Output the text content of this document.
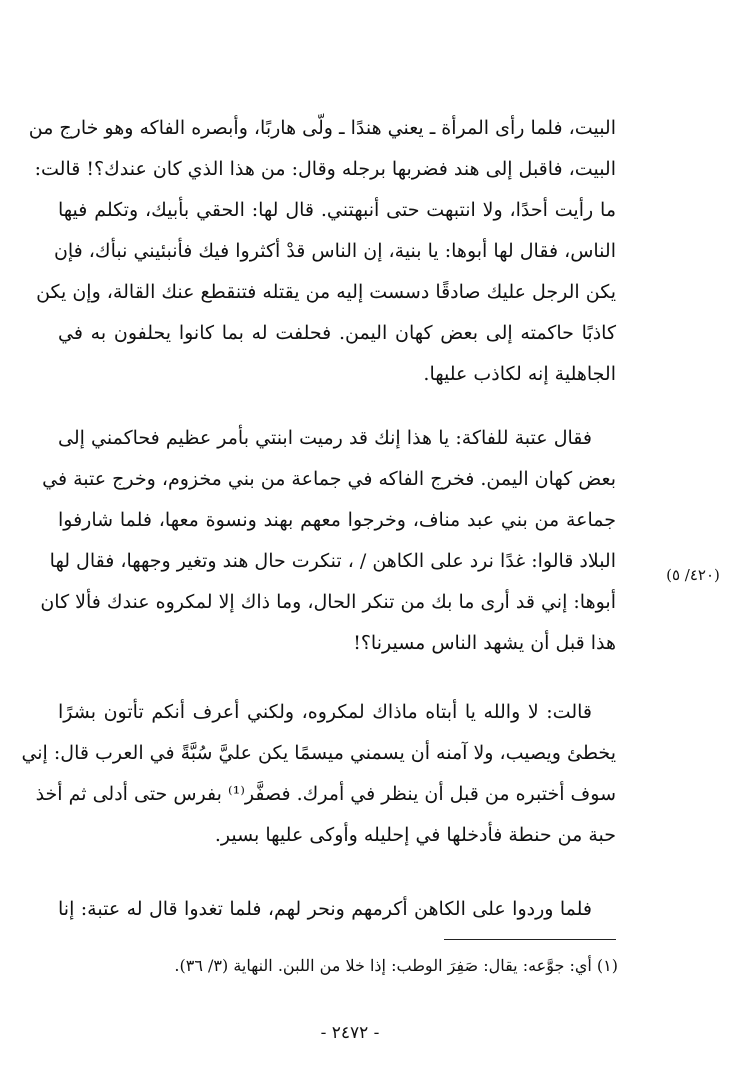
البيت، فلما رأى المرأة ـ يعني هندًا ـ ولّى هاربًا، وأبصره الفاكه وهو خارج من
البيت، فاقبل إلى هند فضربها برجله وقال: من هذا الذي كان عندك؟! قالت:
ما رأيت أحدًا، ولا انتبهت حتى أنبهتني. قال لها: الحقي بأبيك، وتكلم فيها
الناس، فقال لها أبوها: يا بنية، إن الناس قدْ أكثروا فيك فأنبئيني نبأك، فإن
يكن الرجل عليك صادقًا دسست إليه من يقتله فتنقطع عنك القالة، وإن يكن
كاذبًا حاكمته إلى بعض كهان اليمن. فحلفت له بما كانوا يحلفون به في
الجاهلية إنه لكاذب عليها.
فقال عتبة للفاكة: يا هذا إنك قد رميت ابنتي بأمر عظيم فحاكمني إلى
بعض كهان اليمن. فخرج الفاكه في جماعة من بني مخزوم، وخرج عتبة في
جماعة من بني عبد مناف، وخرجوا معهم بهند ونسوة معها، فلما شارفوا
البلاد قالوا: غدًا نرد على الكاهن / ، تنكرت حال هند وتغير وجهها، فقال لها
أبوها: إني قد أرى ما بك من تنكر الحال، وما ذاك إلا لمكروه عندك فألا كان
هذا قبل أن يشهد الناس مسيرنا؟!
قالت: لا والله يا أبتاه ماذاك لمكروه، ولكني أعرف أنكم تأتون بشرًا
يخطئ ويصيب، ولا آمنه أن يسمني ميسمًا يكن عليَّ سُبَّةً في العرب قال: إني
سوف أختبره من قبل أن ينظر في أمرك. فصفَّر⁽¹⁾ بفرس حتى أدلى ثم أخذ
حبة من حنطة فأدخلها في إحليله وأوكى عليها بسير.
فلما وردوا على الكاهن أكرمهم ونحر لهم، فلما تغدوا قال له عتبة: إنا
(٤٢٠/ ٥)
(١) أي: جوَّعه: يقال: صَفِرَ الوطب: إذا خلا من اللبن. النهاية (٣/ ٣٦).
- ٢٤٧٢ -
